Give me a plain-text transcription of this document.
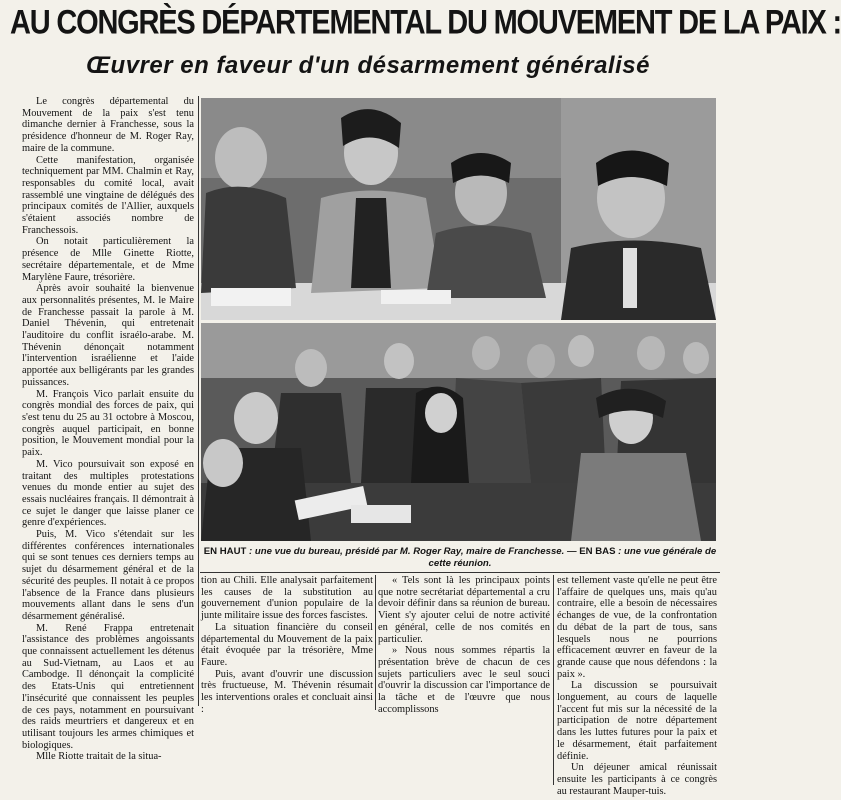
AU CONGRÈS DÉPARTEMENTAL DU MOUVEMENT DE LA PAIX :
Œuvrer en faveur d'un désarmement généralisé

Le congrès départemental du Mouvement de la paix s'est tenu dimanche dernier à Franchesse, sous la présidence d'honneur de M. Roger Ray, maire de la commune.

Cette manifestation, organisée techniquement par MM. Chalmin et Ray, responsables du comité local, avait rassemblé une vingtaine de délégués des principaux comités de l'Allier, auxquels s'étaient associés nombre de Franchessois.

On notait particulièrement la présence de Mlle Ginette Riotte, secrétaire départementale, et de Mme Marylène Faure, trésorière.

Après avoir souhaité la bienvenue aux personnalités présentes, M. le Maire de Franchesse passait la parole à M. Daniel Thévenin, qui entretenait l'auditoire du conflit israélo-arabe. M. Thévenin dénonçait notamment l'intervention israélienne et l'aide apportée aux belligérants par les grandes puissances.

M. François Vico parlait ensuite du congrès mondial des forces de paix, qui s'est tenu du 25 au 31 octobre à Moscou, congrès auquel participait, en bonne position, le Mouvement mondial pour la paix.

M. Vico poursuivait son exposé en traitant des multiples protestations venues du monde entier au sujet des essais nucléaires français. Il démontrait à ce sujet le danger que laisse planer ce genre d'expériences.

Puis, M. Vico s'étendait sur les différentes conférences internationales qui se sont tenues ces derniers temps au sujet du désarmement général et de la sécurité des peuples. Il notait à ce propos l'absence de la France dans plusieurs mouvements allant dans le sens d'un désarmement généralisé.

M. René Frappa entretenait l'assistance des problèmes angoissants que connaissent actuellement les détenus au Sud-Vietnam, au Laos et au Cambodge. Il dénonçait la complicité des Etats-Unis qui entretiennent l'insécurité que connaissent les peuples de ces pays, notamment en poursuivant des raids meurtriers et dangereux et en utilisant toujours les armes chimiques et biologiques.

Mlle Riotte traitait de la situa-

EN HAUT : une vue du bureau, présidé par M. Roger Ray, maire de Franchesse. — EN BAS : une vue générale de cette réunion.

tion au Chili. Elle analysait parfaitement les causes de la substitution au gouvernement d'union populaire de la junte militaire issue des forces fascistes.

La situation financière du conseil départemental du Mouvement de la paix était évoquée par la trésorière, Mme Faure.

Puis, avant d'ouvrir une discussion très fructueuse, M. Thévenin résumait les interventions orales et concluait ainsi :

« Tels sont là les principaux points que notre secrétariat départemental a cru devoir définir dans sa réunion de bureau. Vient s'y ajouter celui de notre activité en général, celle de nos comités en particulier.

» Nous nous sommes répartis la présentation brève de chacun de ces sujets particuliers avec le seul souci d'ouvrir la discussion car l'importance de la tâche et de l'œuvre que nous accomplissons

est tellement vaste qu'elle ne peut être l'affaire de quelques uns, mais qu'au contraire, elle a besoin de nécessaires échanges de vue, de la confrontation du débat de la part de tous, sans lesquels nous ne pourrions efficacement œuvrer en faveur de la grande cause que nous défendons : la paix ».

La discussion se poursuivait longuement, au cours de laquelle l'accent fut mis sur la nécessité de la participation de notre département dans les luttes futures pour la paix et le désarmement, était parfaitement définie.

Un déjeuner amical réunissait ensuite les participants à ce congrès au restaurant Mauper-tuis.
